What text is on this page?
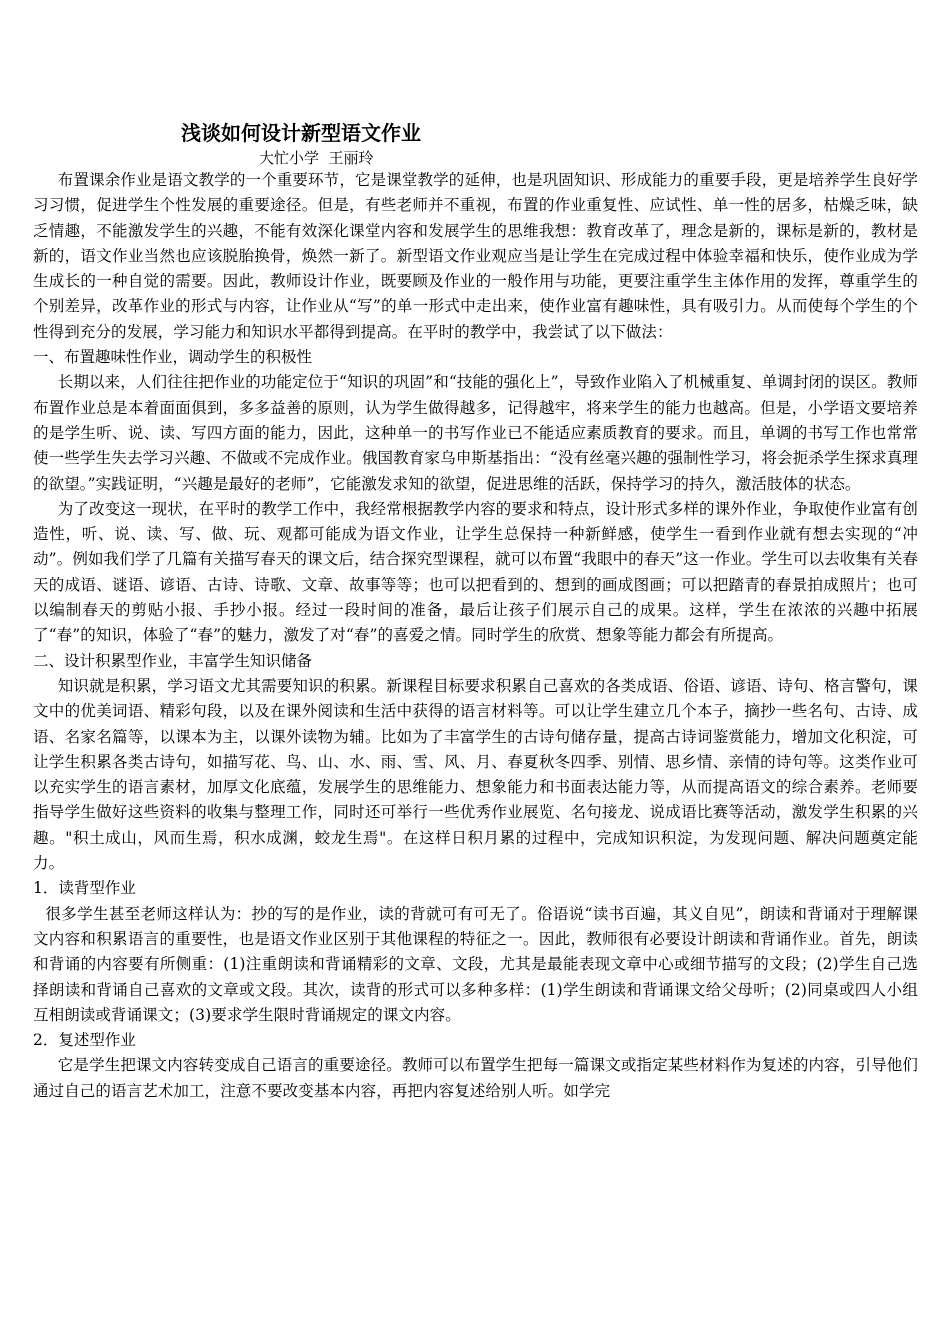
浅谈如何设计新型语文作业
大忙小学  王丽玲

布置课余作业是语文教学的一个重要环节，它是课堂教学的延伸，也是巩固知识、形成能力的重要手段，更是培养学生良好学习习惯，促进学生个性发展的重要途径。但是，有些老师并不重视，布置的作业重复性、应试性、单一性的居多，枯燥乏味，缺乏情趣，不能激发学生的兴趣，不能有效深化课堂内容和发展学生的思维我想：教育改革了，理念是新的，课标是新的，教材是新的，语文作业当然也应该脱胎换骨，焕然一新了。新型语文作业观应当是让学生在完成过程中体验幸福和快乐，使作业成为学生成长的一种自觉的需要。因此，教师设计作业，既要顾及作业的一般作用与功能，更要注重学生主体作用的发挥，尊重学生的个别差异，改革作业的形式与内容，让作业从“写”的单一形式中走出来，使作业富有趣味性，具有吸引力。从而使每个学生的个性得到充分的发展，学习能力和知识水平都得到提高。在平时的教学中，我尝试了以下做法：

一、布置趣味性作业，调动学生的积极性

长期以来，人们往往把作业的功能定位于“知识的巩固”和“技能的强化上”，导致作业陷入了机械重复、单调封闭的误区。教师布置作业总是本着面面俱到，多多益善的原则，认为学生做得越多，记得越牢，将来学生的能力也越高。但是，小学语文要培养的是学生听、说、读、写四方面的能力，因此，这种单一的书写作业已不能适应素质教育的要求。而且，单调的书写工作也常常使一些学生失去学习兴趣、不做或不完成作业。俄国教育家乌申斯基指出：“没有丝毫兴趣的强制性学习，将会扼杀学生探求真理的欲望。”实践证明，“兴趣是最好的老师”，它能激发求知的欲望，促进思维的活跃，保持学习的持久，激活肢体的状态。

为了改变这一现状，在平时的教学工作中，我经常根据教学内容的要求和特点，设计形式多样的课外作业，争取使作业富有创造性，听、说、读、写、做、玩、观都可能成为语文作业，让学生总保持一种新鲜感，使学生一看到作业就有想去实现的“冲动”。例如我们学了几篇有关描写春天的课文后，结合探究型课程，就可以布置“我眼中的春天”这一作业。学生可以去收集有关春天的成语、谜语、谚语、古诗、诗歌、文章、故事等等；也可以把看到的、想到的画成图画；可以把踏青的春景拍成照片；也可以编制春天的剪贴小报、手抄小报。经过一段时间的准备，最后让孩子们展示自己的成果。这样，学生在浓浓的兴趣中拓展了“春”的知识，体验了“春”的魅力，激发了对“春”的喜爱之情。同时学生的欣赏、想象等能力都会有所提高。

二、设计积累型作业，丰富学生知识储备

知识就是积累，学习语文尤其需要知识的积累。新课程目标要求积累自己喜欢的各类成语、俗语、谚语、诗句、格言警句，课文中的优美词语、精彩句段，以及在课外阅读和生活中获得的语言材料等。可以让学生建立几个本子，摘抄一些名句、古诗、成语、名家名篇等，以课本为主，以课外读物为辅。比如为了丰富学生的古诗句储存量，提高古诗词鉴赏能力，增加文化积淀，可让学生积累各类古诗句，如描写花、鸟、山、水、雨、雪、风、月、春夏秋冬四季、别情、思乡情、亲情的诗句等。这类作业可以充实学生的语言素材，加厚文化底蕴，发展学生的思维能力、想象能力和书面表达能力等，从而提高语文的综合素养。老师要指导学生做好这些资料的收集与整理工作，同时还可举行一些优秀作业展览、名句接龙、说成语比赛等活动，激发学生积累的兴趣。"积土成山，风而生焉，积水成渊，蛟龙生焉"。在这样日积月累的过程中，完成知识积淀，为发现问题、解决问题奠定能力。

1．读背型作业

很多学生甚至老师这样认为：抄的写的是作业，读的背就可有可无了。俗语说“读书百遍，其义自见”，朗读和背诵对于理解课文内容和积累语言的重要性，也是语文作业区别于其他课程的特征之一。因此，教师很有必要设计朗读和背诵作业。首先，朗读和背诵的内容要有所侧重：(1)注重朗读和背诵精彩的文章、文段，尤其是最能表现文章中心或细节描写的文段；(2)学生自己选择朗读和背诵自己喜欢的文章或文段。其次，读背的形式可以多种多样：(1)学生朗读和背诵课文给父母听；(2)同桌或四人小组互相朗读或背诵课文；(3)要求学生限时背诵规定的课文内容。

2．复述型作业

它是学生把课文内容转变成自己语言的重要途径。教师可以布置学生把每一篇课文或指定某些材料作为复述的内容，引导他们通过自己的语言艺术加工，注意不要改变基本内容，再把内容复述给别人听。如学完
